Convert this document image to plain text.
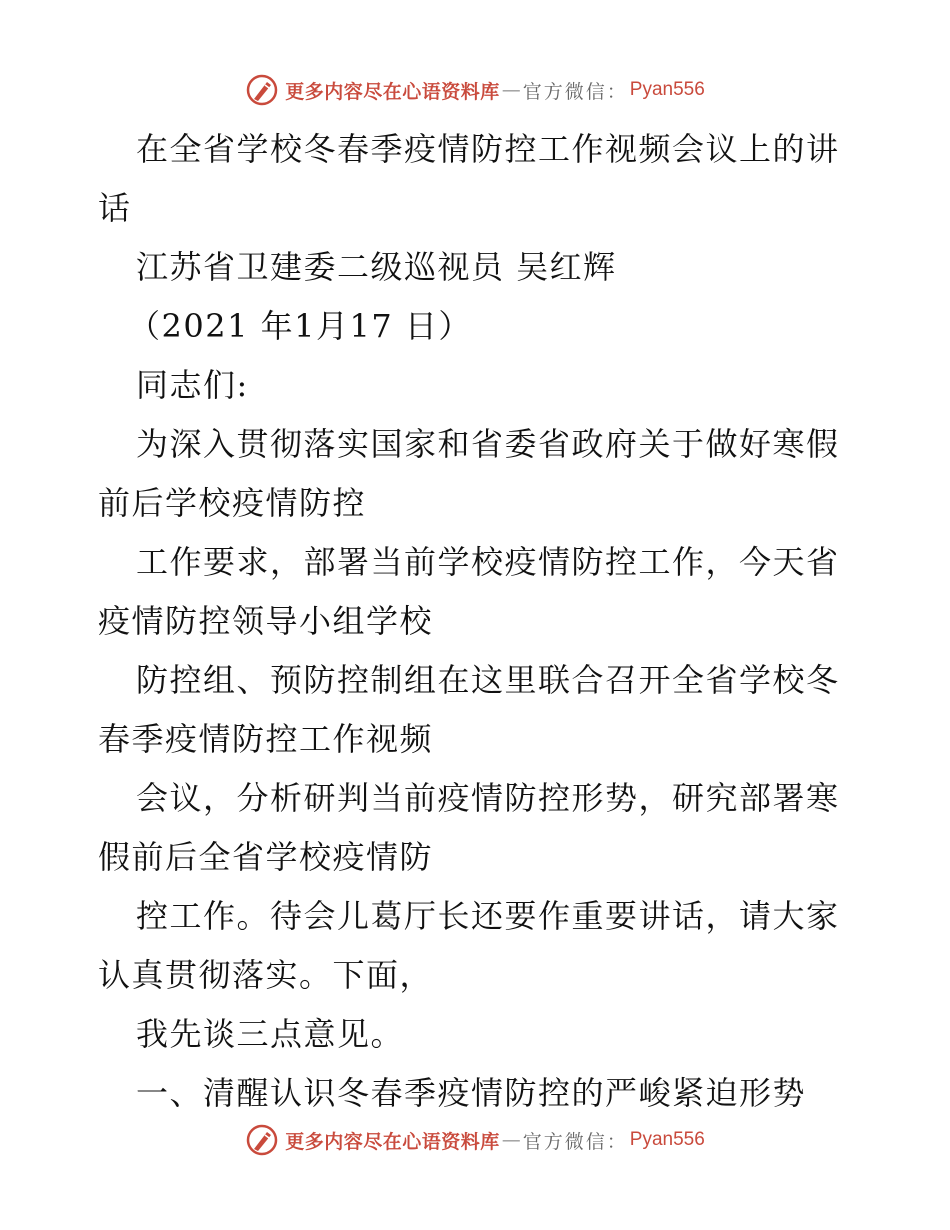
更多内容尽在心语资料库 — 官方微信 ： Pyan556
在全省学校冬春季疫情防控工作视频会议上的讲
话
江苏省卫建委二级巡视员 吴红辉
（2021 年1月17 日）
同志们:
为深入贯彻落实国家和省委省政府关于做好寒假
前后学校疫情防控
工作要求，部署当前学校疫情防控工作，今天省
疫情防控领导小组学校
防控组、预防控制组在这里联合召开全省学校冬
春季疫情防控工作视频
会议，分析研判当前疫情防控形势，研究部署寒
假前后全省学校疫情防
控工作。待会儿葛厅长还要作重要讲话，请大家
认真贯彻落实。下面，
我先谈三点意见。
一、清醒认识冬春季疫情防控的严峻紧迫形势
更多内容尽在心语资料库 — 官方微信 ： Pyan556
